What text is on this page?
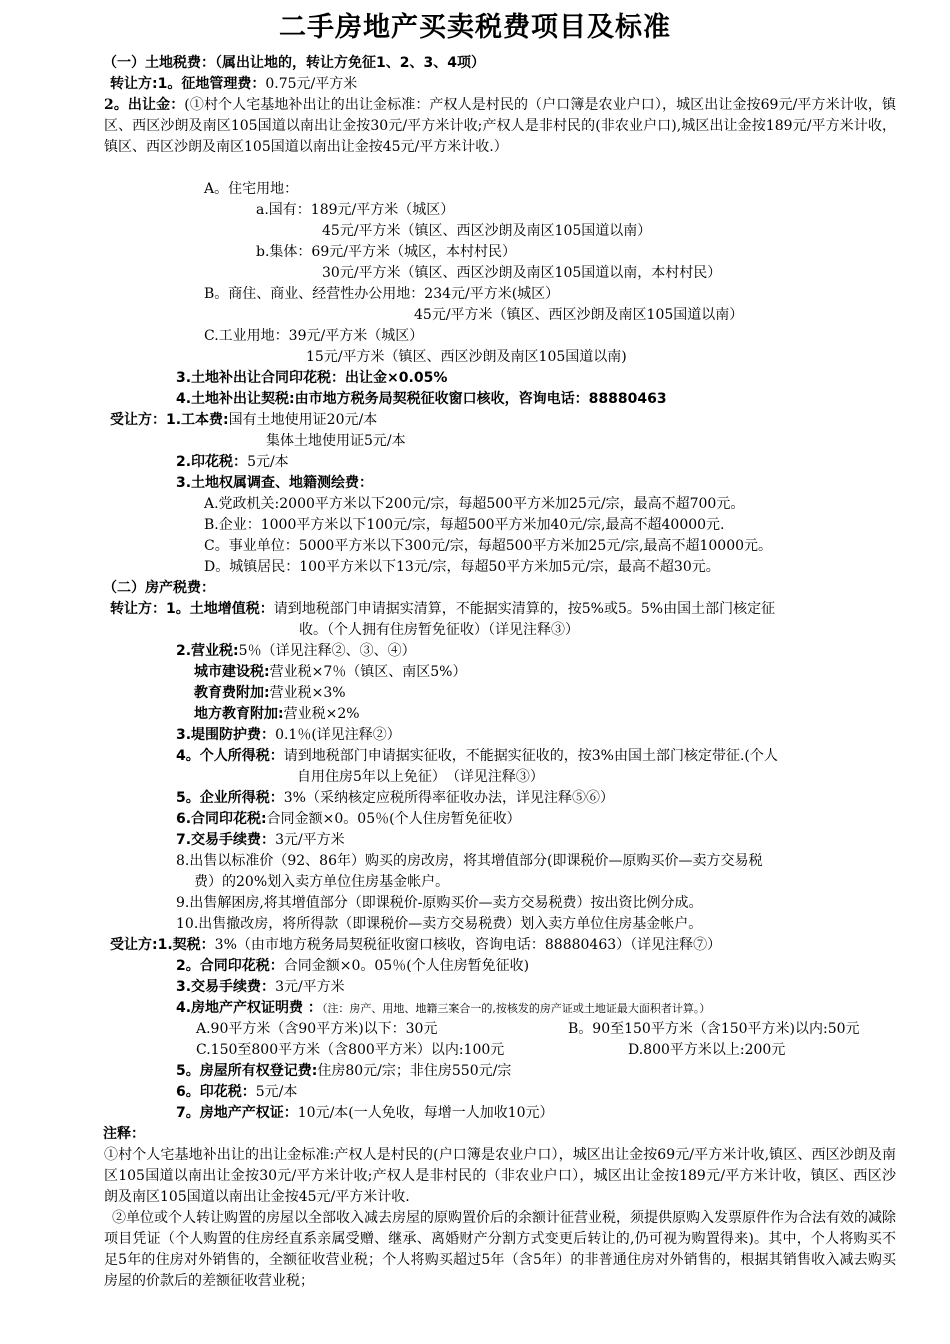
二手房地产买卖税费项目及标准
（一）土地税费：（属出让地的，转让方免征1、2、3、4项）
转让方:1。征地管理费：0.75元/平方米
2。出让金：(①村个人宅基地补出让的出让金标准：产权人是村民的（户口簿是农业户口），城区出让金按69元/平方米计收，镇区、西区沙朗及南区105国道以南出让金按30元/平方米计收;产权人是非村民的(非农业户口),城区出让金按189元/平方米计收，镇区、西区沙朗及南区105国道以南出让金按45元/平方米计收.）
A。住宅用地：
a.国有：189元/平方米（城区）
45元/平方米（镇区、西区沙朗及南区105国道以南）
b.集体：69元/平方米（城区，本村村民）
30元/平方米（镇区、西区沙朗及南区105国道以南，本村村民）
B。商住、商业、经营性办公用地：234元/平方米(城区）
45元/平方米（镇区、西区沙朗及南区105国道以南）
C.工业用地：39元/平方米（城区）
15元/平方米（镇区、西区沙朗及南区105国道以南)
3.土地补出让合同印花税：出让金×0.05%
4.土地补出让契税:由市地方税务局契税征收窗口核收，咨询电话：88880463
受让方：1.工本费:国有土地使用证20元/本
集体土地使用证5元/本
2.印花税：5元/本
3.土地权属调查、地籍测绘费：
A.党政机关:2000平方米以下200元/宗，每超500平方米加25元/宗，最高不超700元。
B.企业：1000平方米以下100元/宗，每超500平方米加40元/宗,最高不超40000元.
C。事业单位：5000平方米以下300元/宗，每超500平方米加25元/宗,最高不超10000元。
D。城镇居民：100平方米以下13元/宗，每超50平方米加5元/宗，最高不超30元。
（二）房产税费：
转让方：1。土地增值税：请到地税部门申请据实清算，不能据实清算的，按5%或5。5%由国土部门核定征
收。（个人拥有住房暂免征收）（详见注释③）
2.营业税:5％（详见注释②、③、④）
城市建设税:营业税×7％（镇区、南区5%）
教育费附加:营业税×3%
地方教育附加:营业税×2%
3.堤围防护费：0.1％(详见注释②）
4。个人所得税：请到地税部门申请据实征收，不能据实征收的，按3%由国土部门核定带征.(个人
自用住房5年以上免征）　（详见注释③）
5。企业所得税：3%（采纳核定应税所得率征收办法，详见注释⑤⑥）
6.合同印花税:合同金额×0。05％(个人住房暂免征收）
7.交易手续费：3元/平方米
8.出售以标准价（92、86年）购买的房改房，将其增值部分(即课税价—原购买价—卖方交易税
费）的20%划入卖方单位住房基金帐户。
9.出售解困房,将其增值部分（即课税价-原购买价—卖方交易税费）按出资比例分成。
10.出售撤改房，将所得款（即课税价—卖方交易税费）划入卖方单位住房基金帐户。
受让方:1.契税：3%（由市地方税务局契税征收窗口核收，咨询电话：88880463）（详见注释⑦）
2。合同印花税：合同金额×0。05％(个人住房暂免征收)
3.交易手续费：3元/平方米
4.房地产产权证明费 ：（注：房产、用地、地籍三案合一的,按核发的房产证或土地证最大面积者计算。）
A.90平方米（含90平方米)以下：30元	B。90至150平方米（含150平方米)以内:50元
C.150至800平方米（含800平方米）以内:100元	D.800平方米以上:200元
5。房屋所有权登记费:住房80元/宗；非住房550元/宗
6。印花税：5元/本
7。房地产产权证：10元/本(一人免收，每增一人加收10元）
注释：
①村个人宅基地补出让的出让金标准:产权人是村民的(户口簿是农业户口），城区出让金按69元/平方米计收,镇区、西区沙朗及南区105国道以南出让金按30元/平方米计收;产权人是非村民的（非农业户口），城区出让金按189元/平方米计收，镇区、西区沙朗及南区105国道以南出让金按45元/平方米计收.
②单位或个人转让购置的房屋以全部收入减去房屋的原购置价后的余额计征营业税，须提供原购入发票原件作为合法有效的减除项目凭证（个人购置的住房经直系亲属受赠、继承、离婚财产分割方式变更后转让的,仍可视为购置得来)。其中，个人将购买不足5年的住房对外销售的，全额征收营业税；个人将购买超过5年（含5年）的非普通住房对外销售的，根据其销售收入减去购买房屋的价款后的差额征收营业税；
